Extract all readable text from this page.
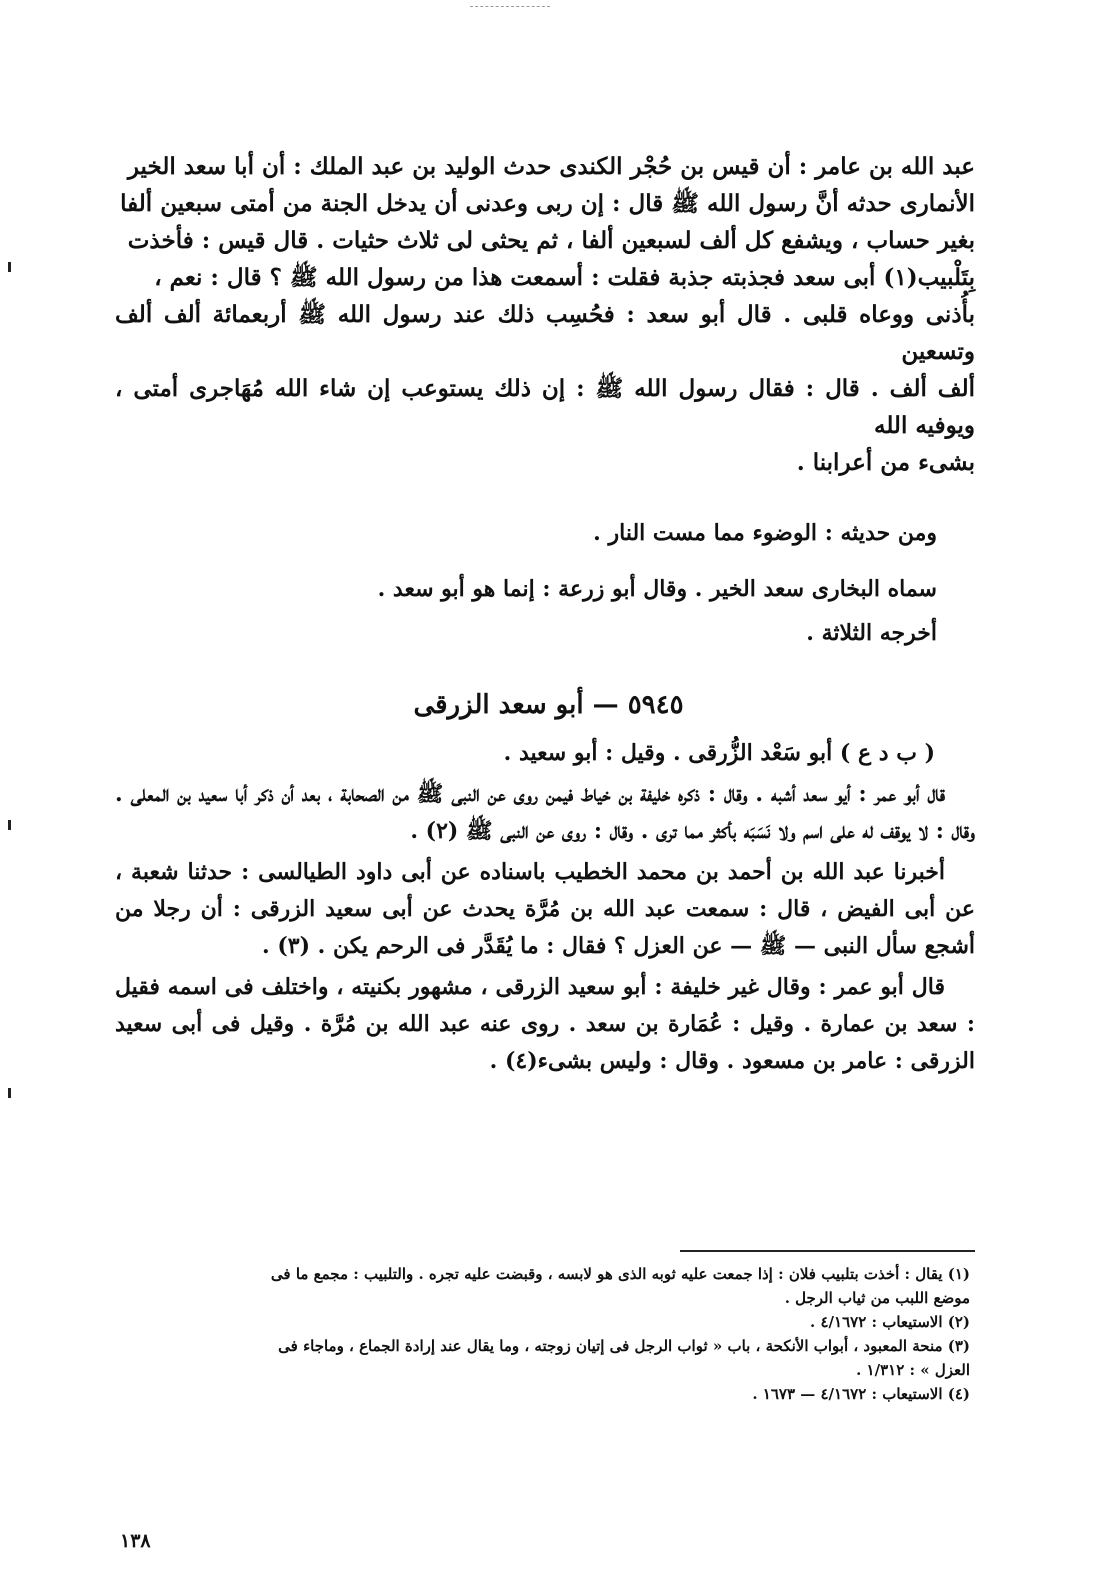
عبد الله بن عامر : أن قيس بن حُجْر الكندى حدث الوليد بن عبد الملك : أن أبا سعد الخير

الأنمارى حدثه أنَّ رسول الله ﷺ قال : إن ربى وعدنى أن يدخل الجنة من أمتى سبعين ألفا

بغير حساب ، ويشفع كل ألف لسبعين ألفا ، ثم يحثى لى ثلاث حثيات . قال قيس : فأخذت

بِتَلْبيب(١) أبى سعد فجذبته جذبة فقلت : أسمعت هذا من رسول الله ﷺ ؟ قال : نعم ،

بأُذنى ووعاه قلبى . قال أبو سعد : فحُسِب ذلك عند رسول الله ﷺ أربعمائة ألف ألف وتسعين

ألف ألف . قال : فقال رسول الله ﷺ : إن ذلك يستوعب إن شاء الله مُهَاجرى أمتى ، ويوفيه الله

بشىء من أعرابنا .

ومن حديثه : الوضوء مما مست النار .
سماه البخارى سعد الخير . وقال أبو زرعة : إنما هو أبو سعد .
أخرجه الثلاثة .
٥٩٤٥ — أبو سعد الزرقى

( ب د ع ) أبو سَعْد الزُّرقى . وقيل : أبو سعيد .

قال أبو عمر : أيو سعد أشبه . وقال : ذكره خليفة بن خياط فيمن روى عن النبى ﷺ من الصحابة ، بعد أن ذكر أبا سعيد بن المعلى . وقال : لا يوقف له على اسم ولا نَسَبَه بأكثر مما ترى . وقال : روى عن النبى ﷺ (٢) .

أخبرنا عبد الله بن أحمد بن محمد الخطيب باسناده عن أبى داود الطيالسى : حدثنا شعبة ، عن أبى الفيض ، قال : سمعت عبد الله بن مُرَّة يحدث عن أبى سعيد الزرقى : أن رجلا من أشجع سأل النبى — ﷺ — عن العزل ؟ فقال : ما يُقَدَّر فى الرحم يكن . (٣) .

قال أبو عمر : وقال غير خليفة : أبو سعيد الزرقى ، مشهور بكنيته ، واختلف فى اسمه فقيل : سعد بن عمارة . وقيل : عُمَارة بن سعد . روى عنه عبد الله بن مُرَّة . وقيل فى أبى سعيد الزرقى : عامر بن مسعود . وقال : وليس بشىء(٤) .

(١) يقال : أخذت بتلبيب فلان : إذا جمعت عليه ثوبه الذى هو لابسه ، وقبضت عليه تجره . والتلبيب : مجمع ما فى

موضع اللبب من ثياب الرجل .

(٢) الاستيعاب : ٤/١٦٧٢ .

(٣) منحة المعبود ، أبواب الأنكحة ، باب « ثواب الرجل فى إتيان زوجته ، وما يقال عند إرادة الجماع ، وماجاء فى

العزل » : ١/٣١٢ .

(٤) الاستيعاب : ٤/١٦٧٢ — ١٦٧٣ .

١٣٨
